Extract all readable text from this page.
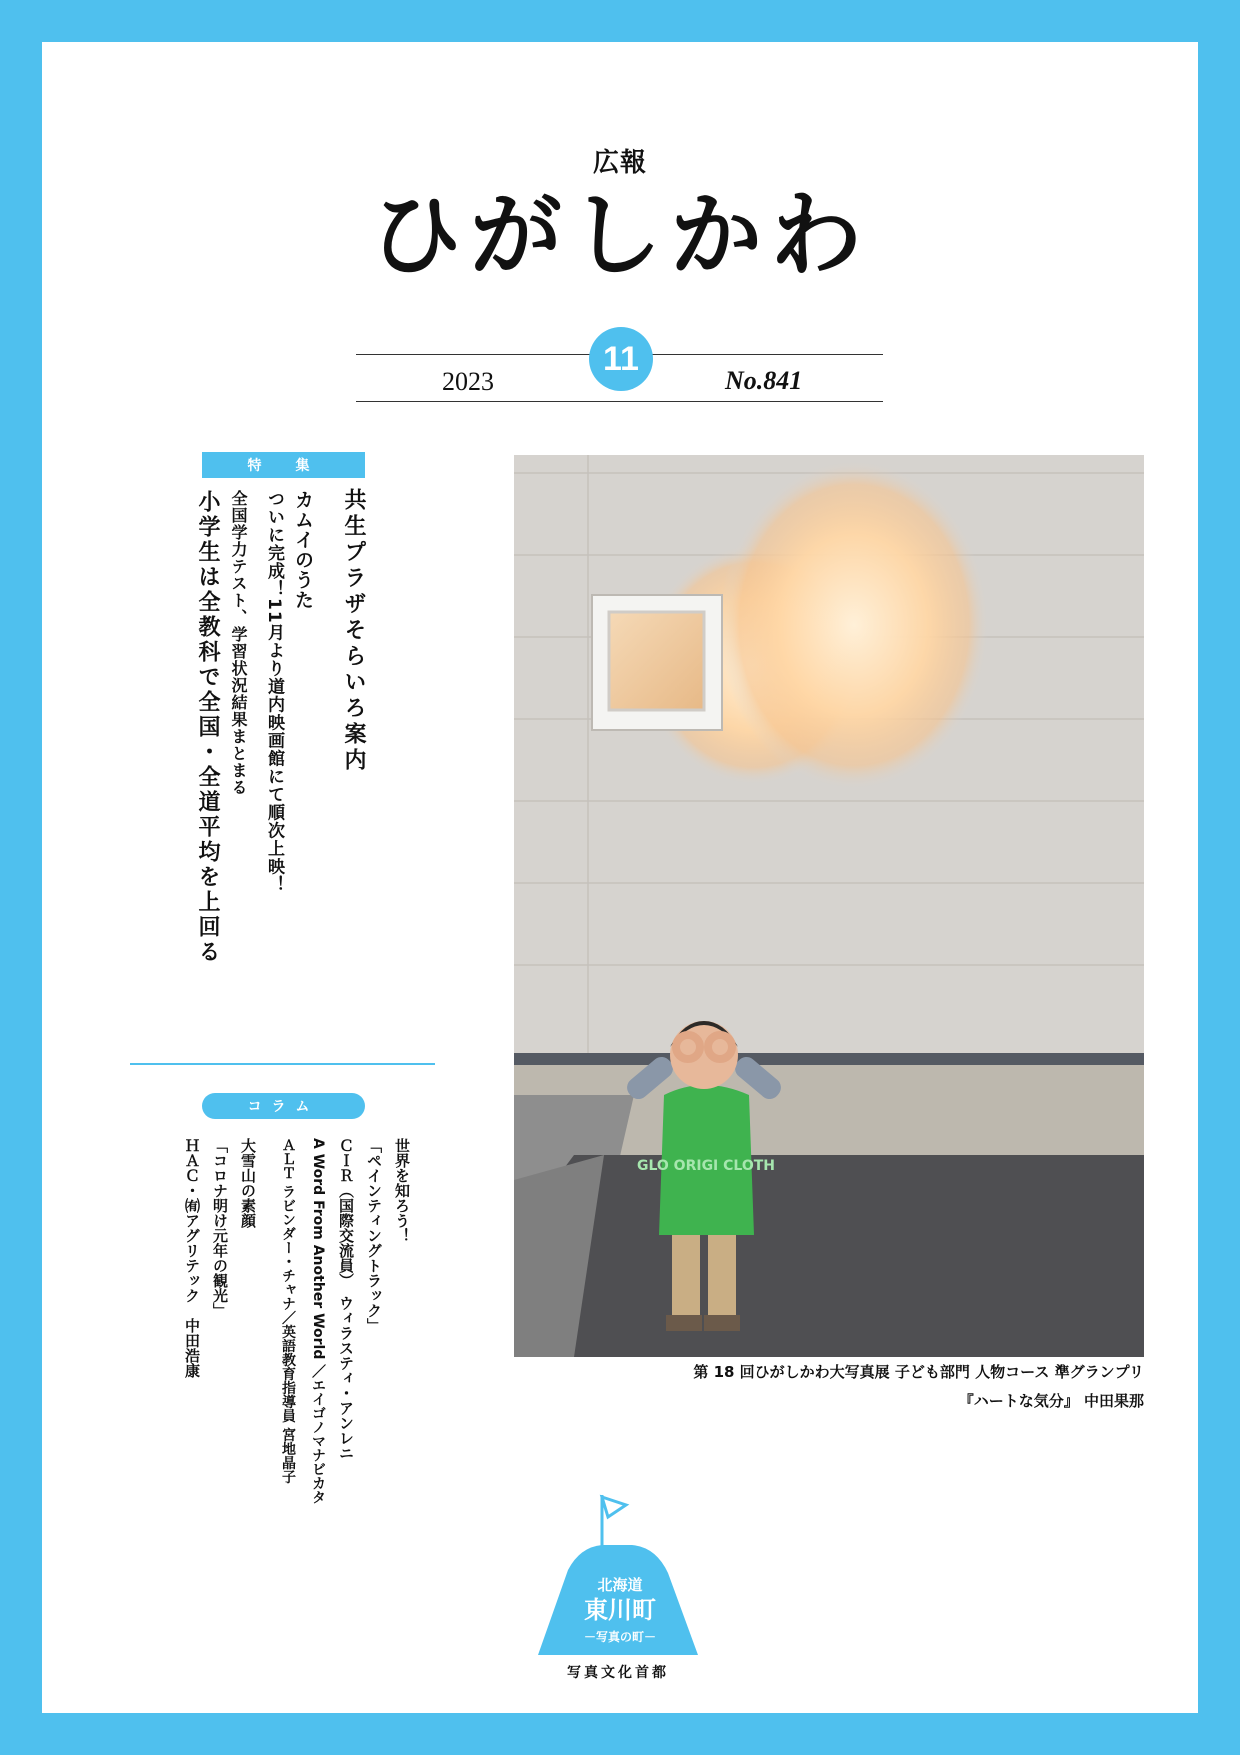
広報
ひがしかわ
2023
11
No.841
特　集
共生プラザそらいろ案内
カムイのうた
ついに完成！11月より道内映画館にて順次上映！
全国学力テスト、学習状況結果まとまる
小学生は全教科で全国・全道平均を上回る
コラム
世界を知ろう！
「ペインティングトラック」
ＣＩＲ（国際交流員）　ウィラスティ・アンレニ
A Word From Another World ／エイゴノマナビカタ
ＡＬＴ ラビンダー・チャナ／英語教育指導員 宮地晶子
大雪山の素顔
「コロナ明け元年の観光」
ＨＡＣ・㈲アグリテック　中田浩康	GLO ORIGI CLOTH
第 18 回ひがしかわ大写真展 子ども部門 人物コース 準グランプリ
『ハートな気分』 中田果那
北海道
東川町
－写真の町－
写真文化首都
